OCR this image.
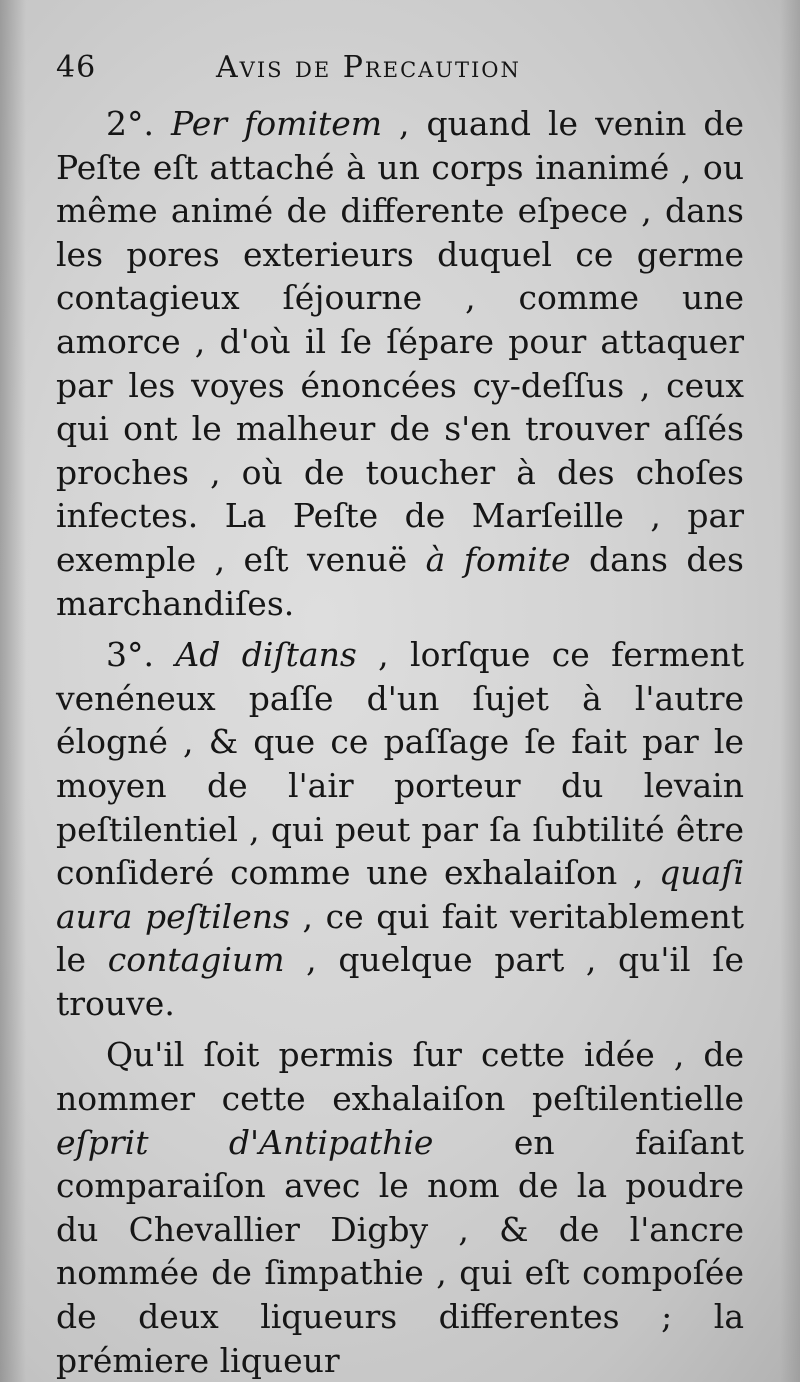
46	Avis de Precaution

2°. Per fomitem , quand le venin de Peſte eſt attaché à un corps inanimé , ou même animé de differente eſpece , dans les pores exterieurs duquel ce germe contagieux ſéjourne , comme une amorce , d'où il ſe ſépare pour attaquer par les voyes énoncées cy-deſſus , ceux qui ont le malheur de s'en trouver aſſés proches , où de toucher à des choſes infectes. La Peſte de Marſeille , par exemple , eſt venuë à fomite dans des marchandiſes.

3°. Ad diſtans , lorſque ce ferment venéneux paſſe d'un ſujet à l'autre élogné , & que ce paſſage ſe fait par le moyen de l'air porteur du levain peſtilentiel , qui peut par ſa ſubtilité être conſideré comme une exhalaiſon , quaſi aura peſtilens , ce qui fait veritablement le contagium , quelque part , qu'il ſe trouve.

Qu'il ſoit permis ſur cette idée , de nommer cette exhalaiſon peſtilentielle eſprit d'Antipathie en faiſant comparaiſon avec le nom de la poudre du Chevallier Digby , & de l'ancre nommée de ſimpathie , qui eſt compoſée de deux liqueurs differentes ; la prémiere liqueur
